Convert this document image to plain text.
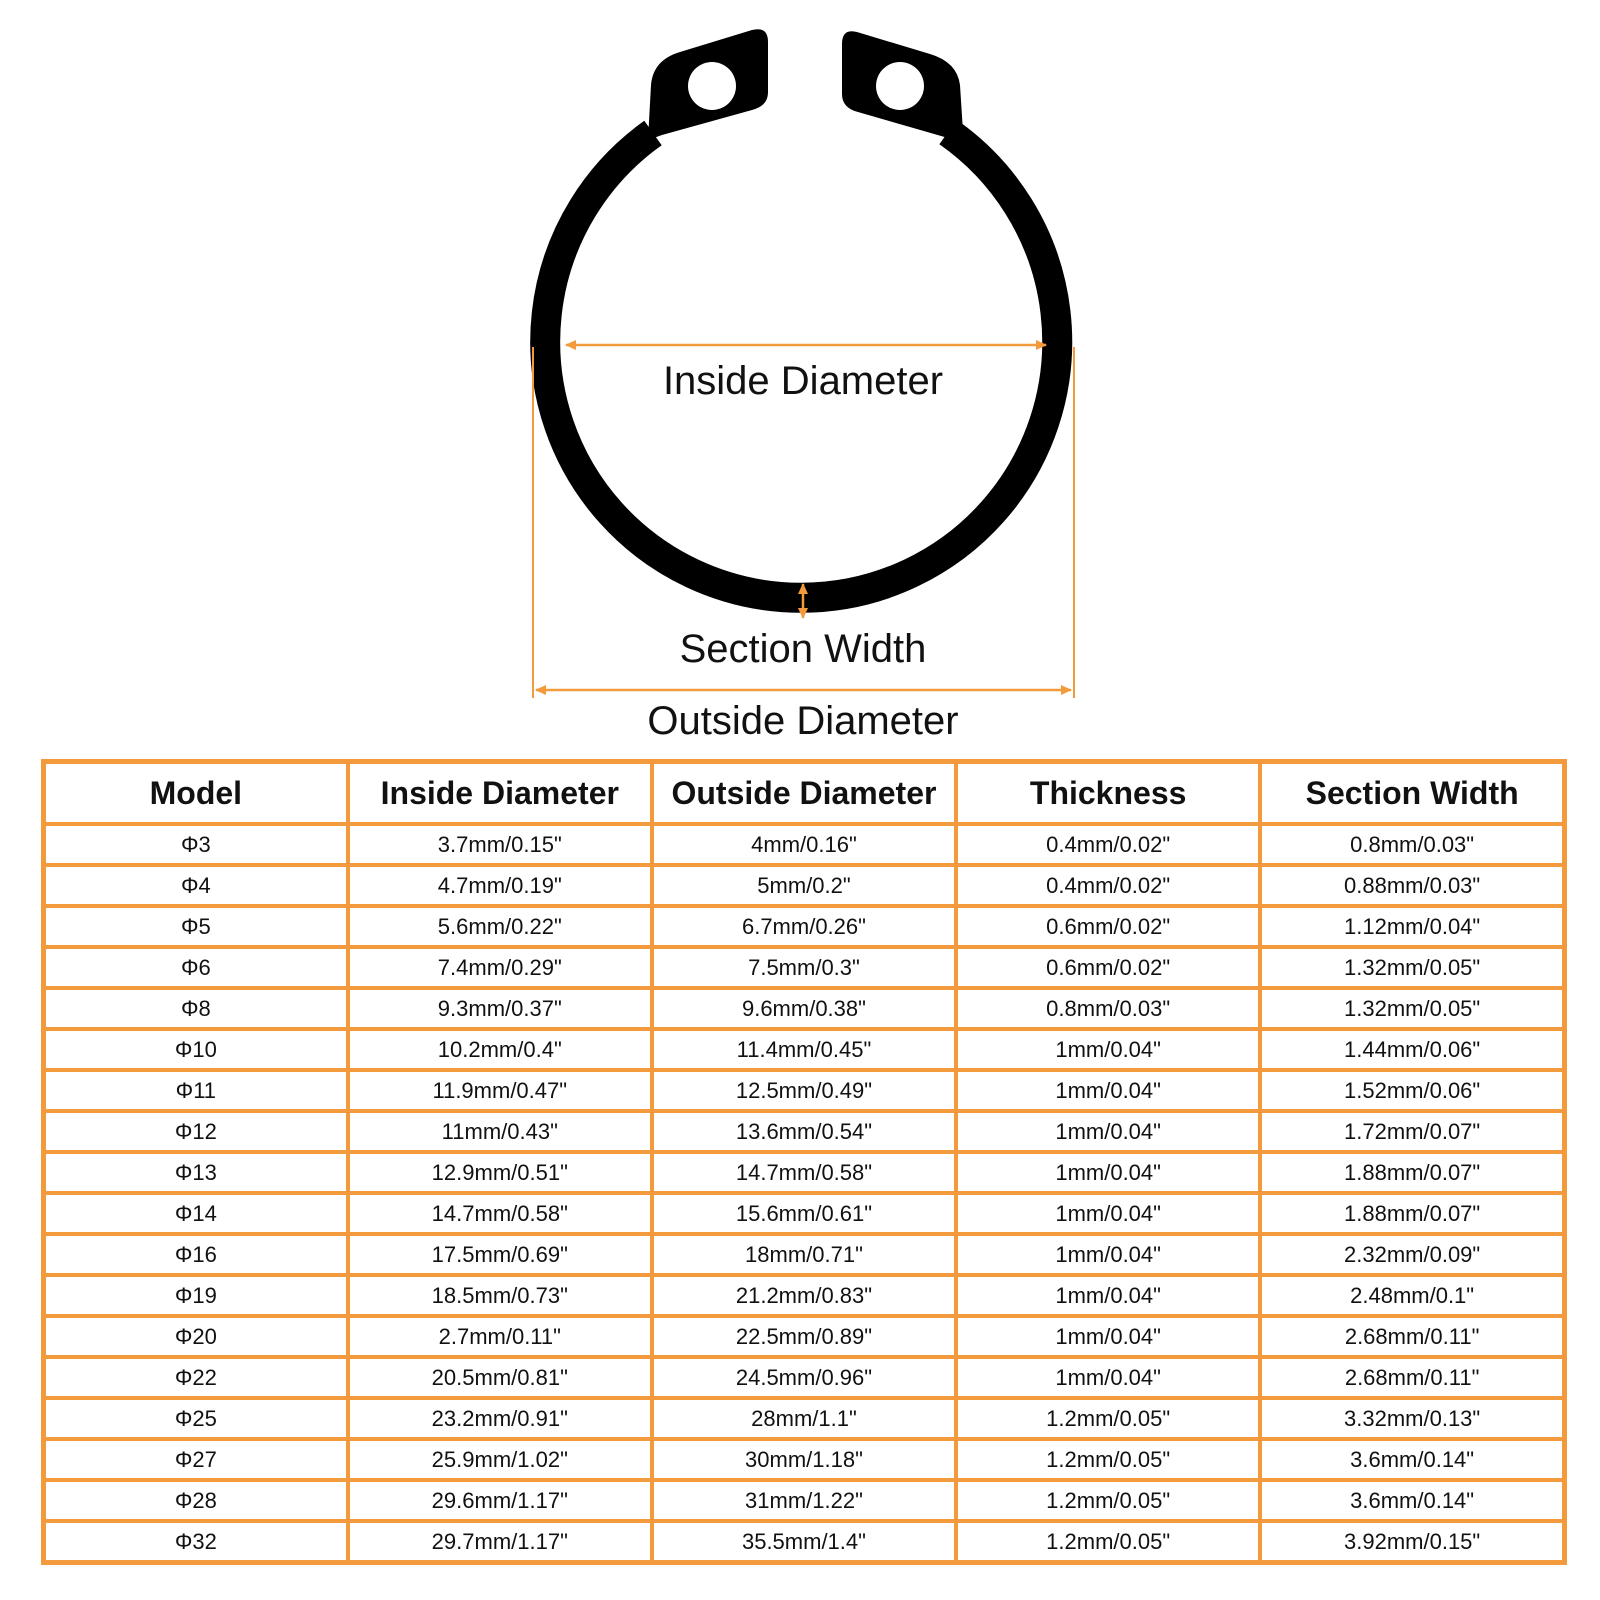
Inside Diameter
Section Width
Outside Diameter
Model	Inside Diameter	Outside Diameter	Thickness	Section Width
Φ3	3.7mm/0.15"	4mm/0.16"	0.4mm/0.02"	0.8mm/0.03"
Φ4	4.7mm/0.19"	5mm/0.2"	0.4mm/0.02"	0.88mm/0.03"
Φ5	5.6mm/0.22"	6.7mm/0.26"	0.6mm/0.02"	1.12mm/0.04"
Φ6	7.4mm/0.29"	7.5mm/0.3"	0.6mm/0.02"	1.32mm/0.05"
Φ8	9.3mm/0.37"	9.6mm/0.38"	0.8mm/0.03"	1.32mm/0.05"
Φ10	10.2mm/0.4"	11.4mm/0.45"	1mm/0.04"	1.44mm/0.06"
Φ11	11.9mm/0.47"	12.5mm/0.49"	1mm/0.04"	1.52mm/0.06"
Φ12	11mm/0.43"	13.6mm/0.54"	1mm/0.04"	1.72mm/0.07"
Φ13	12.9mm/0.51"	14.7mm/0.58"	1mm/0.04"	1.88mm/0.07"
Φ14	14.7mm/0.58"	15.6mm/0.61"	1mm/0.04"	1.88mm/0.07"
Φ16	17.5mm/0.69"	18mm/0.71"	1mm/0.04"	2.32mm/0.09"
Φ19	18.5mm/0.73"	21.2mm/0.83"	1mm/0.04"	2.48mm/0.1"
Φ20	2.7mm/0.11"	22.5mm/0.89"	1mm/0.04"	2.68mm/0.11"
Φ22	20.5mm/0.81"	24.5mm/0.96"	1mm/0.04"	2.68mm/0.11"
Φ25	23.2mm/0.91"	28mm/1.1"	1.2mm/0.05"	3.32mm/0.13"
Φ27	25.9mm/1.02"	30mm/1.18"	1.2mm/0.05"	3.6mm/0.14"
Φ28	29.6mm/1.17"	31mm/1.22"	1.2mm/0.05"	3.6mm/0.14"
Φ32	29.7mm/1.17"	35.5mm/1.4"	1.2mm/0.05"	3.92mm/0.15"
